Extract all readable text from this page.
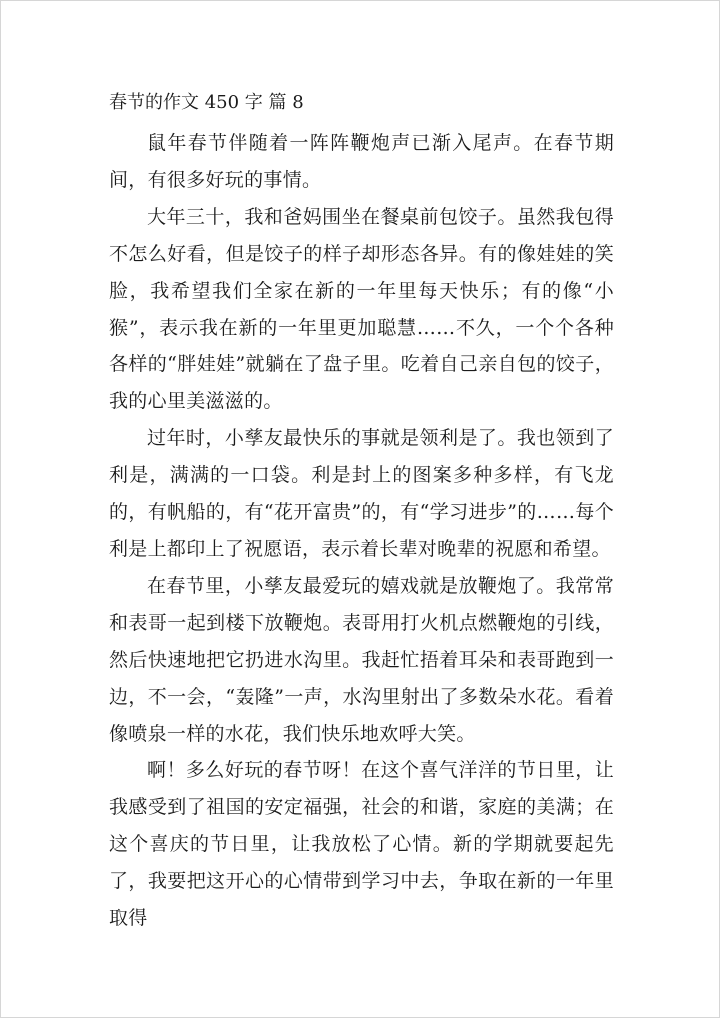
春节的作文 450 字 篇 8

鼠年春节伴随着一阵阵鞭炮声已渐入尾声。在春节期间，有很多好玩的事情。

大年三十，我和爸妈围坐在餐桌前包饺子。虽然我包得不怎么好看，但是饺子的样子却形态各异。有的像娃娃的笑脸，我希望我们全家在新的一年里每天快乐；有的像“小猴”，表示我在新的一年里更加聪慧……不久，一个个各种各样的“胖娃娃”就躺在了盘子里。吃着自己亲自包的饺子，我的心里美滋滋的。

过年时，小孳友最快乐的事就是领利是了。我也领到了利是，满满的一口袋。利是封上的图案多种多样，有飞龙的，有帆船的，有“花开富贵”的，有“学习进步”的……每个利是上都印上了祝愿语，表示着长辈对晚辈的祝愿和希望。

在春节里，小孳友最爱玩的嬉戏就是放鞭炮了。我常常和表哥一起到楼下放鞭炮。表哥用打火机点燃鞭炮的引线，然后快速地把它扔进水沟里。我赶忙捂着耳朵和表哥跑到一边，不一会，“轰隆”一声，水沟里射出了多数朵水花。看着像喷泉一样的水花，我们快乐地欢呼大笑。

啊！多么好玩的春节呀！在这个喜气洋洋的节日里，让我感受到了祖国的安定福强，社会的和谐，家庭的美满；在这个喜庆的节日里，让我放松了心情。新的学期就要起先了，我要把这开心的心情带到学习中去，争取在新的一年里取得
